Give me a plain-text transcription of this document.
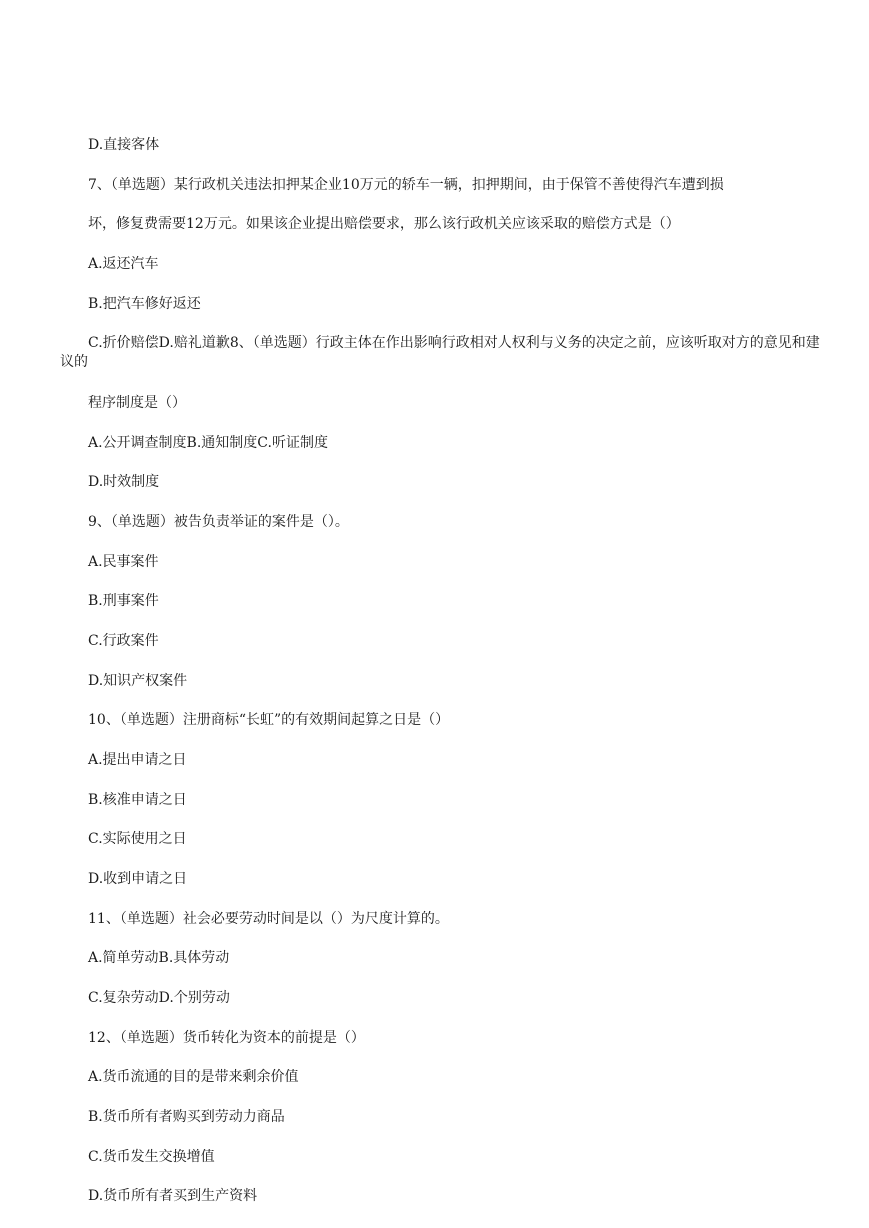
D.直接客体
7、（单选题）某行政机关违法扣押某企业10万元的轿车一辆，扣押期间，由于保管不善使得汽车遭到损
坏，修复费需要12万元。如果该企业提出赔偿要求，那么该行政机关应该采取的赔偿方式是（）
A.返还汽车
B.把汽车修好返还
C.折价赔偿D.赔礼道歉8、（单选题）行政主体在作出影响行政相对人权利与义务的决定之前，应该听取对方的意见和建议的
程序制度是（）
A.公开调查制度B.通知制度C.听证制度
D.时效制度
9、（单选题）被告负责举证的案件是（）。
A.民事案件
B.刑事案件
C.行政案件
D.知识产权案件
10、（单选题）注册商标“长虹”的有效期间起算之日是（）
A.提出申请之日
B.核准申请之日
C.实际使用之日
D.收到申请之日
11、（单选题）社会必要劳动时间是以（）为尺度计算的。
A.简单劳动B.具体劳动
C.复杂劳动D.个别劳动
12、（单选题）货币转化为资本的前提是（）
A.货币流通的目的是带来剩余价值
B.货币所有者购买到劳动力商品
C.货币发生交换增值
D.货币所有者买到生产资料
